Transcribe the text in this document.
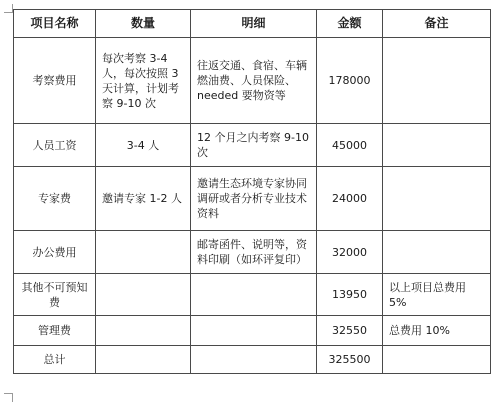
项目名称	数量	明细	金额	备注
考察费用	每次考察 3-4 人，每次按照 3 天计算，计划考察 9-10 次	往返交通、食宿、车辆燃油费、人员保险、needed 要物资等	178000	
人员工资	3-4 人	12 个月之内考察 9-10 次	45000	
专家费	邀请专家 1-2 人	邀请生态环境专家协同调研或者分析专业技术资料	24000	
办公费用		邮寄函件、说明等，资料印刷（如环评复印）	32000	
其他不可预知费			13950	以上项目总费用 5%
管理费			32550	总费用 10%
总计			325500	
